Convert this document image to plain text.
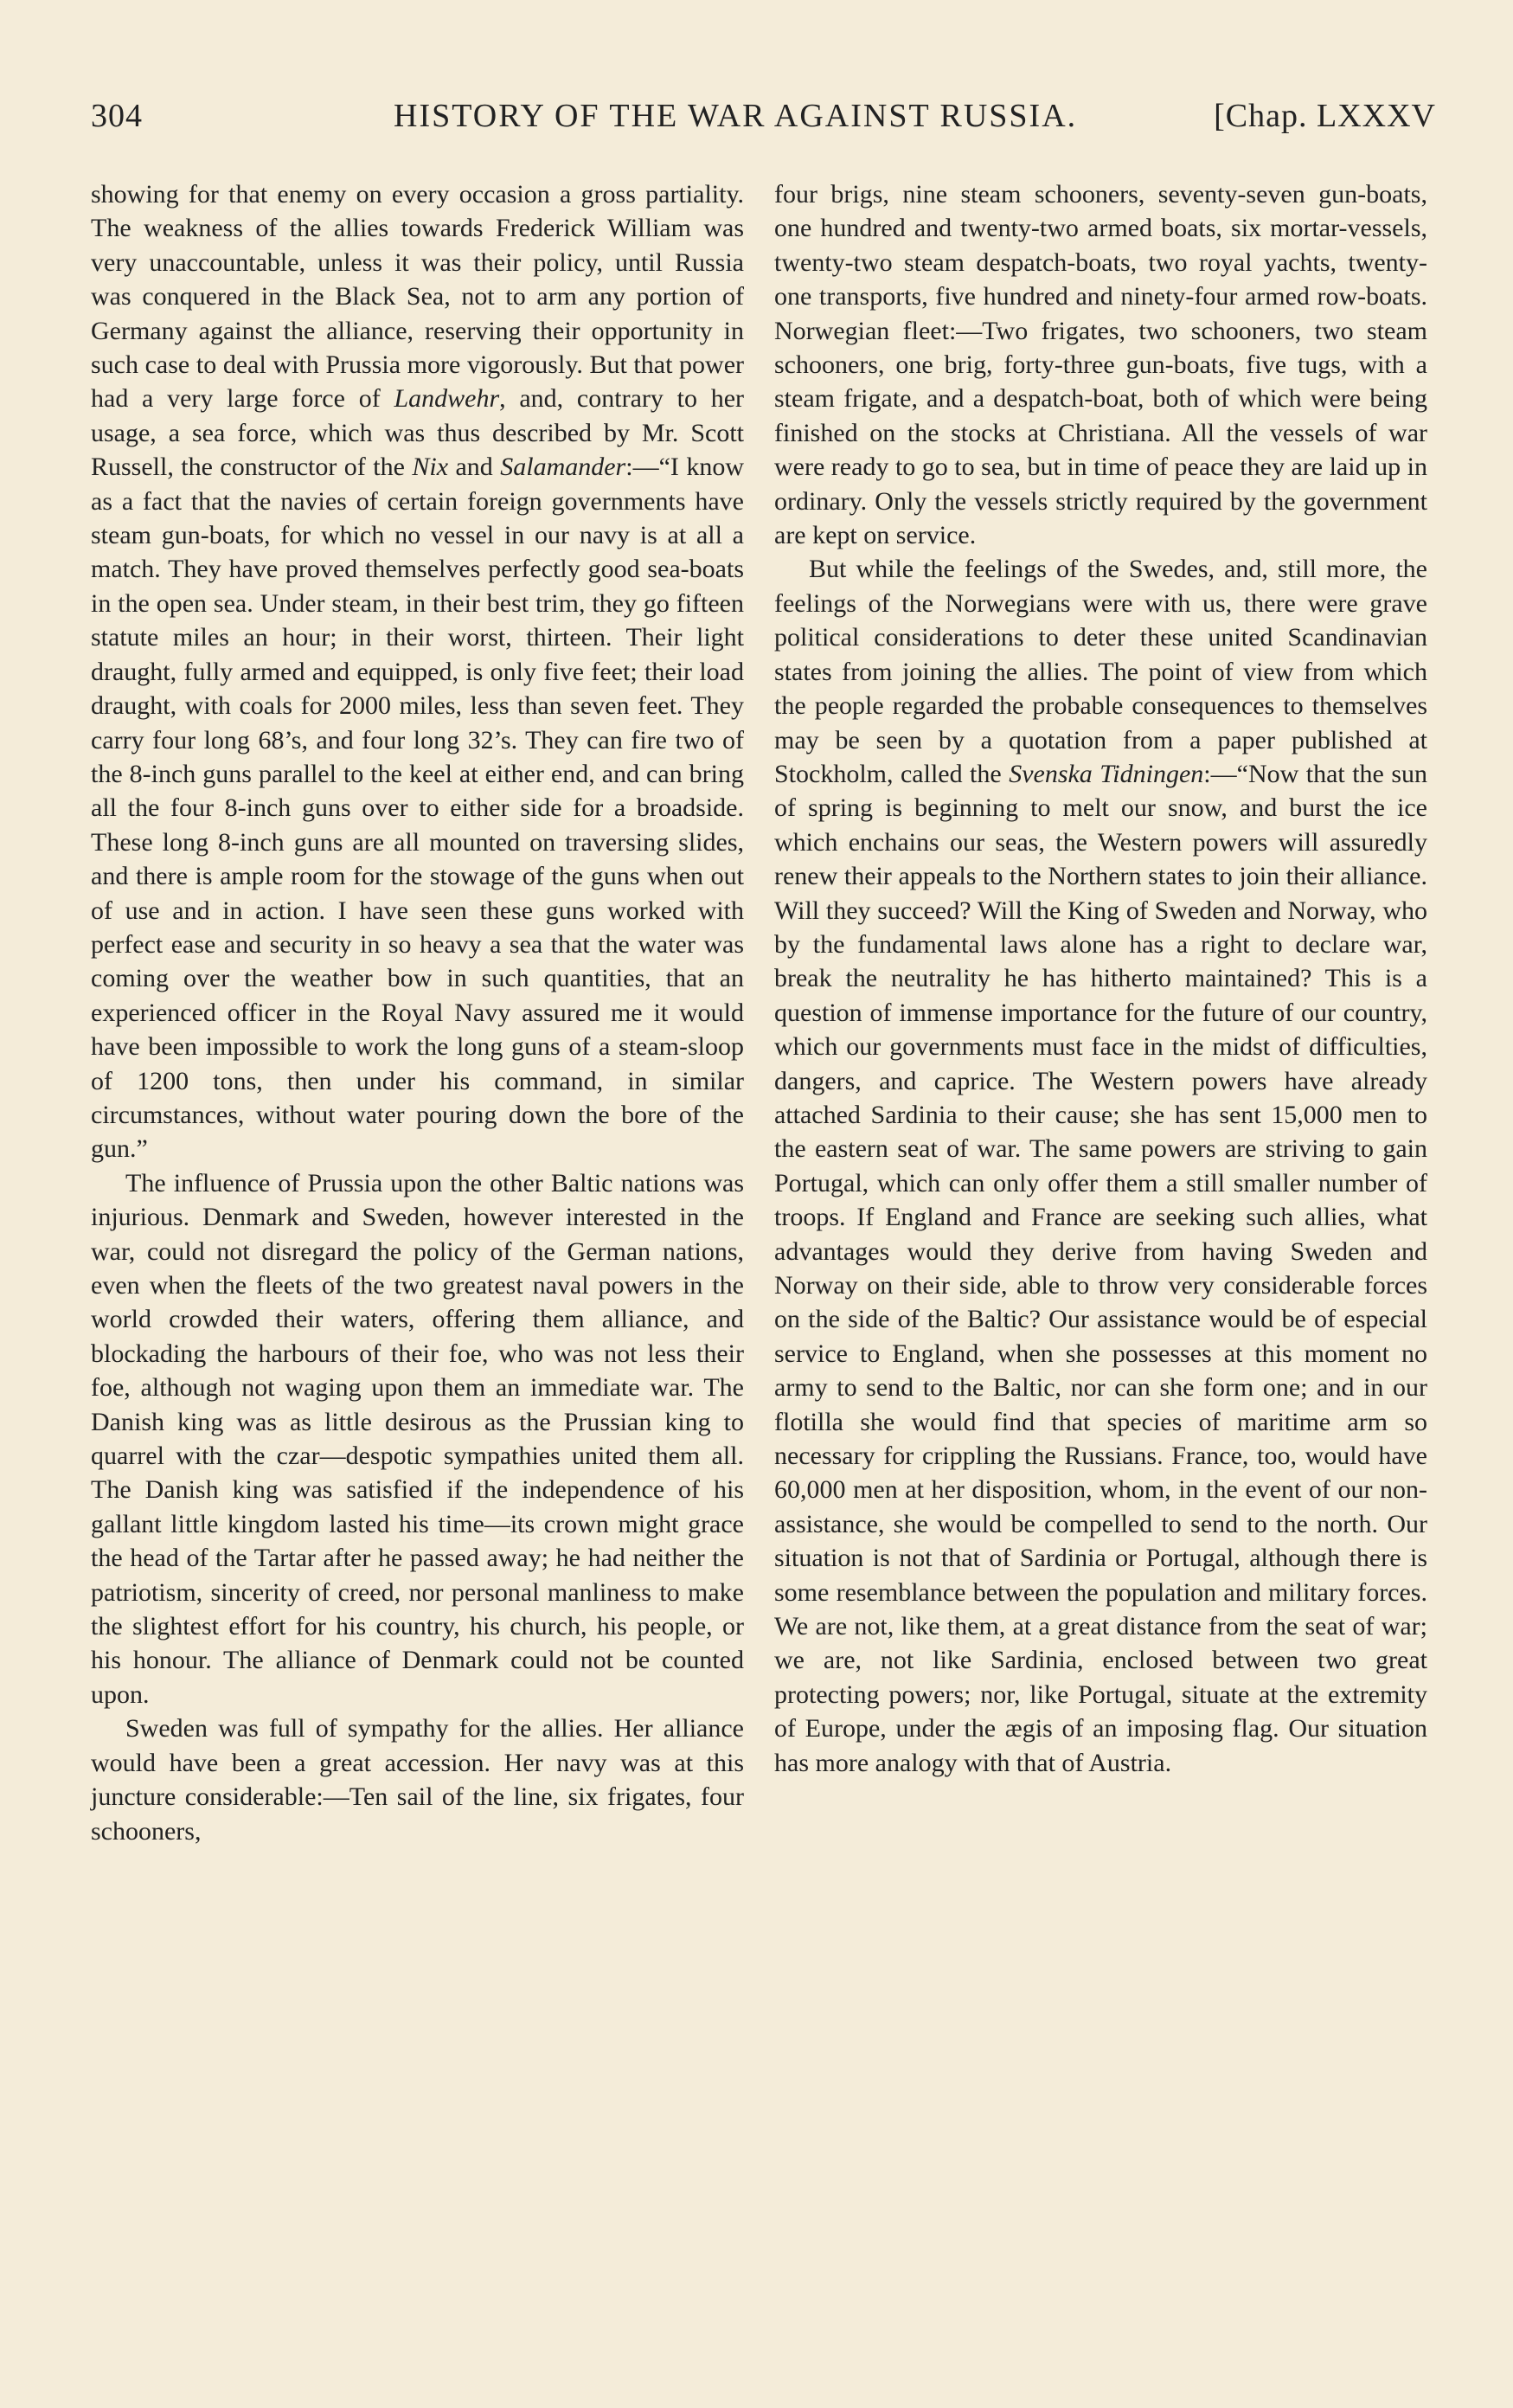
304	HISTORY OF THE WAR AGAINST RUSSIA.	[Chap. LXXXV

showing for that enemy on every occasion a gross partiality. The weakness of the allies towards Frederick William was very unaccountable, unless it was their policy, until Russia was conquered in the Black Sea, not to arm any portion of Germany against the alliance, reserving their opportunity in such case to deal with Prussia more vigorously. But that power had a very large force of Landwehr, and, contrary to her usage, a sea force, which was thus described by Mr. Scott Russell, the constructor of the Nix and Salamander:—“I know as a fact that the navies of certain foreign governments have steam gun-boats, for which no vessel in our navy is at all a match. They have proved themselves perfectly good sea-boats in the open sea. Under steam, in their best trim, they go fifteen statute miles an hour; in their worst, thirteen. Their light draught, fully armed and equipped, is only five feet; their load draught, with coals for 2000 miles, less than seven feet. They carry four long 68’s, and four long 32’s. They can fire two of the 8-inch guns parallel to the keel at either end, and can bring all the four 8-inch guns over to either side for a broadside. These long 8-inch guns are all mounted on traversing slides, and there is ample room for the stowage of the guns when out of use and in action. I have seen these guns worked with perfect ease and security in so heavy a sea that the water was coming over the weather bow in such quantities, that an experienced officer in the Royal Navy assured me it would have been impossible to work the long guns of a steam-sloop of 1200 tons, then under his command, in similar circumstances, without water pouring down the bore of the gun.”

The influence of Prussia upon the other Baltic nations was injurious. Denmark and Sweden, however interested in the war, could not disregard the policy of the German nations, even when the fleets of the two greatest naval powers in the world crowded their waters, offering them alliance, and blockading the harbours of their foe, who was not less their foe, although not waging upon them an immediate war. The Danish king was as little desirous as the Prussian king to quarrel with the czar—despotic sympathies united them all. The Danish king was satisfied if the independence of his gallant little kingdom lasted his time—its crown might grace the head of the Tartar after he passed away; he had neither the patriotism, sincerity of creed, nor personal manliness to make the slightest effort for his country, his church, his people, or his honour. The alliance of Denmark could not be counted upon.

Sweden was full of sympathy for the allies. Her alliance would have been a great accession. Her navy was at this juncture considerable:—Ten sail of the line, six frigates, four schooners,

four brigs, nine steam schooners, seventy-seven gun-boats, one hundred and twenty-two armed boats, six mortar-vessels, twenty-two steam despatch-boats, two royal yachts, twenty-one transports, five hundred and ninety-four armed row-boats. Norwegian fleet:—Two frigates, two schooners, two steam schooners, one brig, forty-three gun-boats, five tugs, with a steam frigate, and a despatch-boat, both of which were being finished on the stocks at Christiana. All the vessels of war were ready to go to sea, but in time of peace they are laid up in ordinary. Only the vessels strictly required by the government are kept on service.

But while the feelings of the Swedes, and, still more, the feelings of the Norwegians were with us, there were grave political considerations to deter these united Scandinavian states from joining the allies. The point of view from which the people regarded the probable consequences to themselves may be seen by a quotation from a paper published at Stockholm, called the Svenska Tidningen:—“Now that the sun of spring is beginning to melt our snow, and burst the ice which enchains our seas, the Western powers will assuredly renew their appeals to the Northern states to join their alliance. Will they succeed? Will the King of Sweden and Norway, who by the fundamental laws alone has a right to declare war, break the neutrality he has hitherto maintained? This is a question of immense importance for the future of our country, which our governments must face in the midst of difficulties, dangers, and caprice. The Western powers have already attached Sardinia to their cause; she has sent 15,000 men to the eastern seat of war. The same powers are striving to gain Portugal, which can only offer them a still smaller number of troops. If England and France are seeking such allies, what advantages would they derive from having Sweden and Norway on their side, able to throw very considerable forces on the side of the Baltic? Our assistance would be of especial service to England, when she possesses at this moment no army to send to the Baltic, nor can she form one; and in our flotilla she would find that species of maritime arm so necessary for crippling the Russians. France, too, would have 60,000 men at her disposition, whom, in the event of our non-assistance, she would be compelled to send to the north. Our situation is not that of Sardinia or Portugal, although there is some resemblance between the population and military forces. We are not, like them, at a great distance from the seat of war; we are, not like Sardinia, enclosed between two great protecting powers; nor, like Portugal, situate at the extremity of Europe, under the ægis of an imposing flag. Our situation has more analogy with that of Austria.
